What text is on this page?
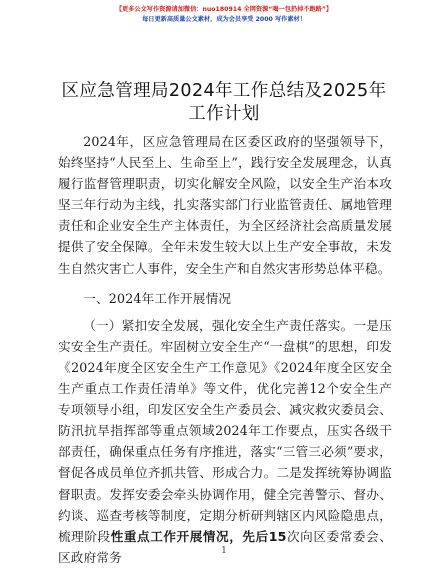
【更多公文写作资源请加微信：nuo180914 全网资源“喝一包扔掉不跑路”】
每日更新高质量公文素材，成为会员享受 2000 写作素材！
区应急管理局2024年工作总结及2025年工作计划

2024年，区应急管理局在区委区政府的坚强领导下，始终坚持“人民至上、生命至上”，践行安全发展理念，认真履行监督管理职责，切实化解安全风险，以安全生产治本攻坚三年行动为主线，扎实落实部门行业监管责任、属地管理责任和企业安全生产主体责任，为全区经济社会高质量发展提供了安全保障。全年未发生较大以上生产安全事故，未发生自然灾害亡人事件，安全生产和自然灾害形势总体平稳。

一、2024年工作开展情况

（一）紧扣安全发展，强化安全生产责任落实。一是压实安全生产责任。牢固树立安全生产“一盘棋”的思想，印发《2024年度全区安全生产工作意见》《2024年度全区安全生产重点工作责任清单》等文件，优化完善12个安全生产专项领导小组，印发区安全生产委员会、减灾救灾委员会、防汛抗旱指挥部等重点领域2024年工作要点，压实各级干部责任，确保重点任务有序推进，落实“三管三必须”要求，督促各成员单位齐抓共管、形成合力。二是发挥统筹协调监督职责。发挥安委会牵头协调作用，健全完善警示、督办、约谈、巡查考核等制度，定期分析研判辖区内风险隐患点，梳理阶段性重点工作开展情况，先后15次向区委常委会、区政府常务	1
